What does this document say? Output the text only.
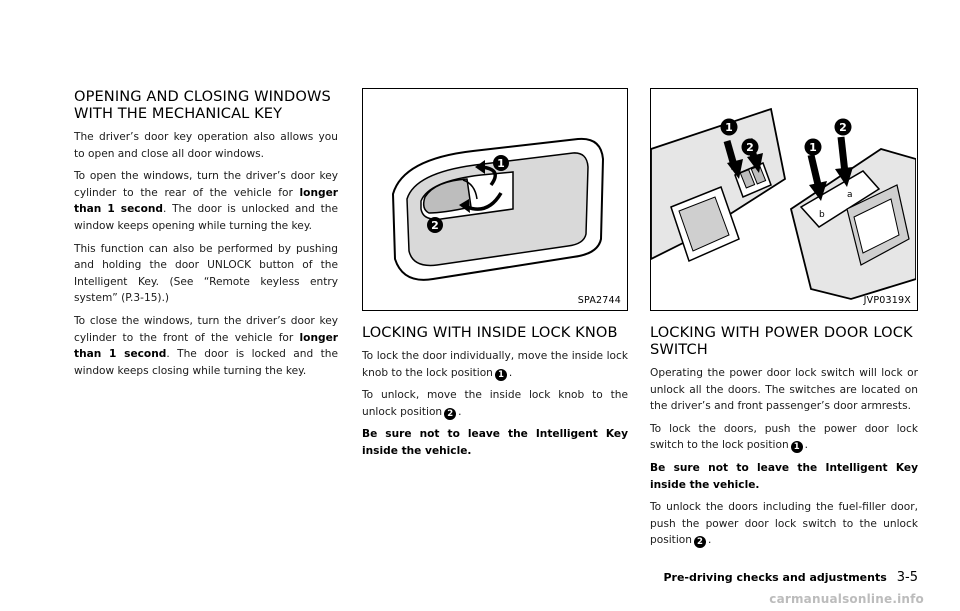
OPENING AND CLOSING WINDOWS WITH THE MECHANICAL KEY

The driver’s door key operation also allows you to open and close all door windows.

To open the windows, turn the driver’s door key cylinder to the rear of the vehicle for longer than 1 second. The door is unlocked and the window keeps opening while turning the key.

This function can also be performed by pushing and holding the door UNLOCK button of the Intelligent Key. (See “Remote keyless entry system” (P.3-15).)

To close the windows, turn the driver’s door key cylinder to the front of the vehicle for longer than 1 second. The door is locked and the window keeps closing while turning the key.

1
2
SPA2744
LOCKING WITH INSIDE LOCK KNOB

To lock the door individually, move the inside lock knob to the lock position 1 .

To unlock, move the inside lock knob to the unlock position 2 .

Be sure not to leave the Intelligent Key inside the vehicle.

b
a
1
2	1
2
JVP0319X
LOCKING WITH POWER DOOR LOCK SWITCH

Operating the power door lock switch will lock or unlock all the doors. The switches are located on the driver’s and front passenger’s door armrests.

To lock the doors, push the power door lock switch to the lock position 1 .

Be sure not to leave the Intelligent Key inside the vehicle.

To unlock the doors including the fuel-filler door, push the power door lock switch to the unlock position 2 .

Pre-driving checks and adjustments 3-5
carmanualsonline.info
